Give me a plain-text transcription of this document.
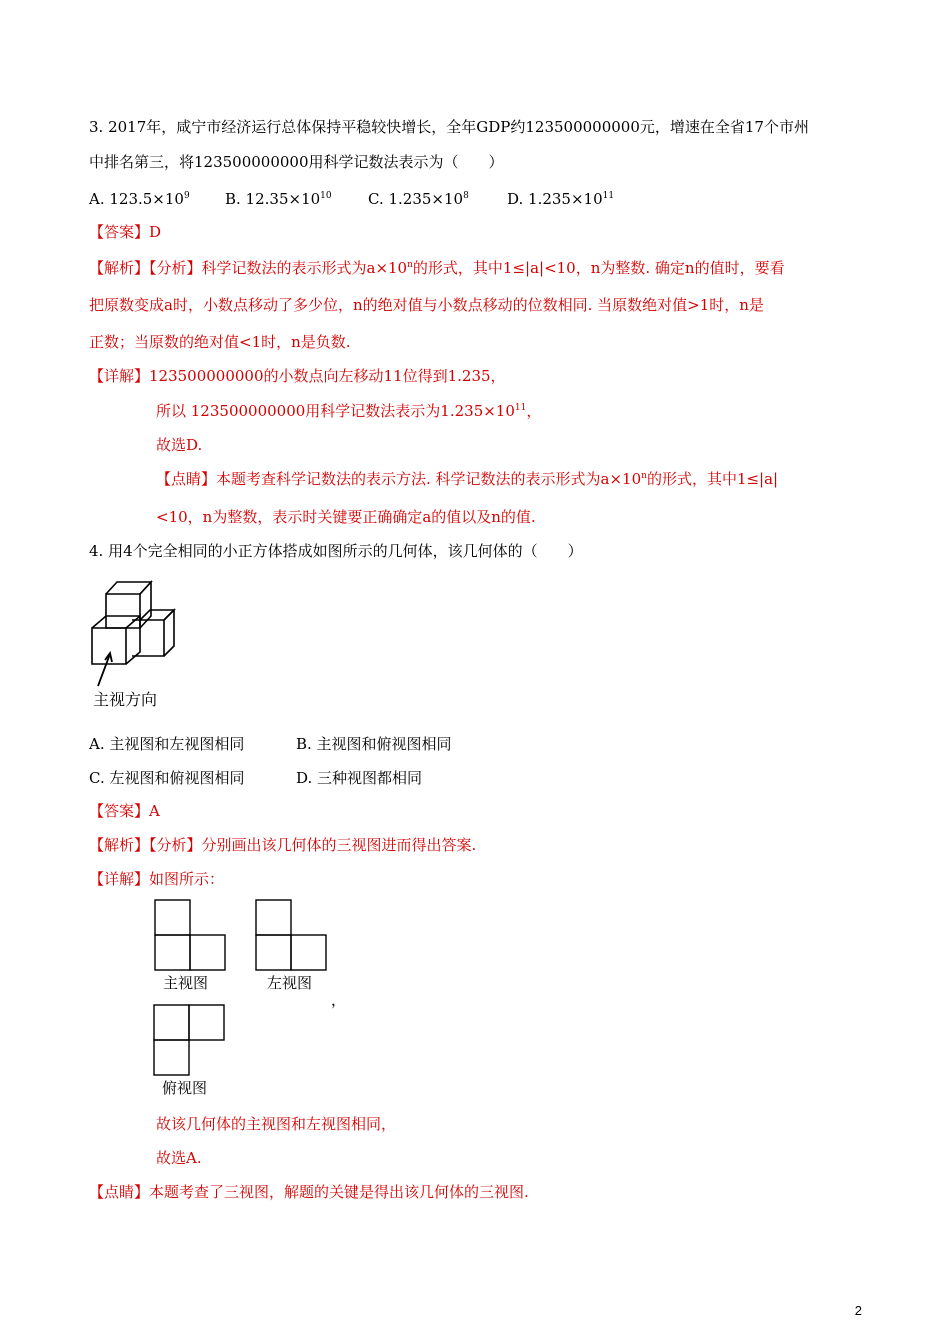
3. 2017年，咸宁市经济运行总体保持平稳较快增长，全年GDP约123500000000元，增速在全省17个市州
中排名第三，将123500000000用科学记数法表示为（　　）
A. $123.5\times 10^9$ B. $12.35\times 10^{10}$ C. $1.235\times 10^8$	D. $1.235\times 10^{11}$
【答案】D
【解析】【分析】科学记数法的表示形式为$a\times 10^n$的形式，其中1≤|a|<10，n为整数. 确定n的值时，要看
把原数变成a时，小数点移动了多少位，n的绝对值与小数点移动的位数相同. 当原数绝对值>1时，n是
正数；当原数的绝对值<1时，n是负数.
【详解】123500000000的小数点向左移动11位得到1.235，
所以 123500000000用科学记数法表示为$1.235\times 10^{11}$，
故选D.
【点睛】本题考查科学记数法的表示方法. 科学记数法的表示形式为$a\times 10^n$的形式，其中1≤|a|
<10，n为整数，表示时关键要正确确定a的值以及n的值.
4. 用4个完全相同的小正方体搭成如图所示的几何体，该几何体的（　　）
主视方向
A. 主视图和左视图相同	B. 主视图和俯视图相同
C. 左视图和俯视图相同	D. 三种视图都相同
【答案】A
【解析】【分析】分别画出该几何体的三视图进而得出答案.
【详解】如图所示：
主视图	左视图
，
俯视图
故该几何体的主视图和左视图相同，
故选A.
【点睛】本题考查了三视图，解题的关键是得出该几何体的三视图.
2
